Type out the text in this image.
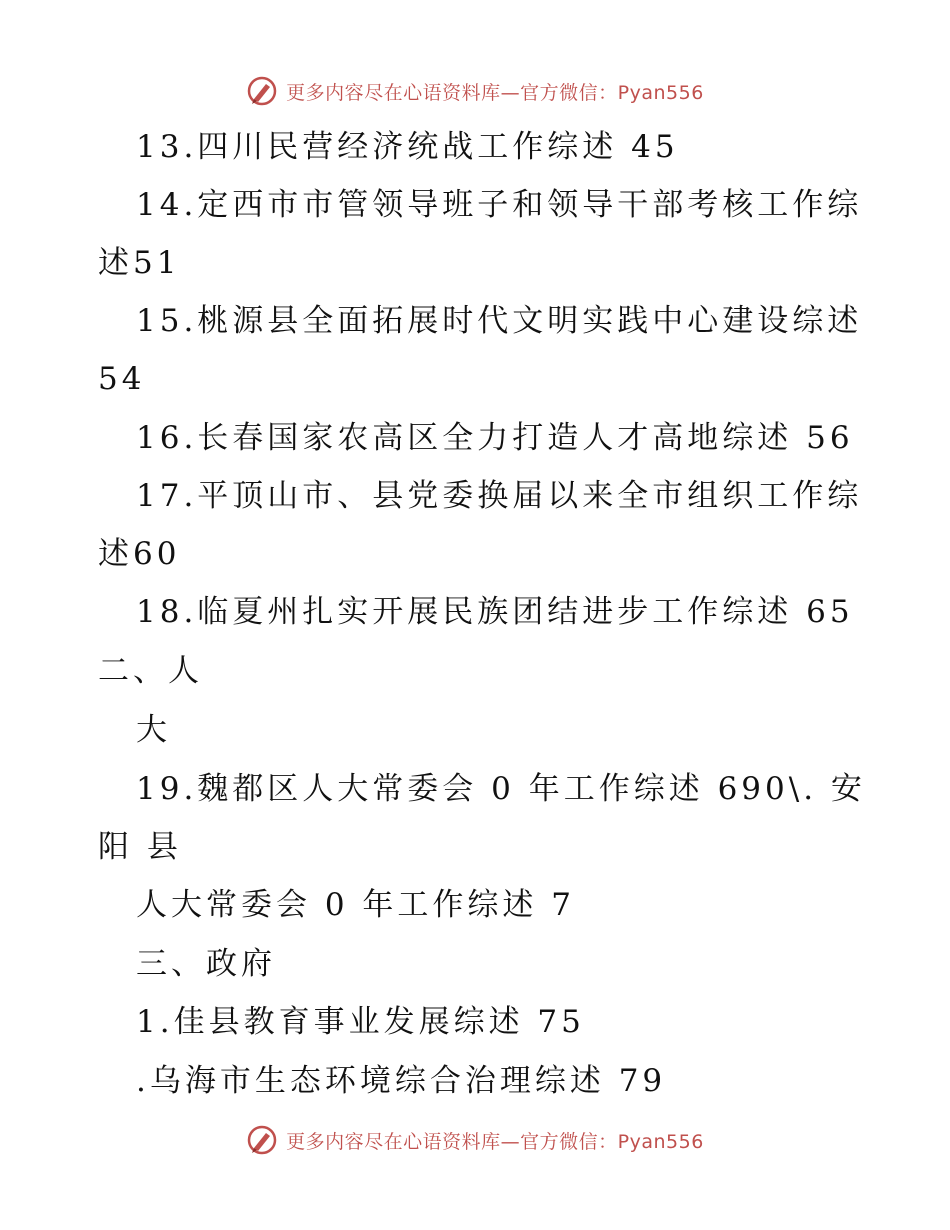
更多内容尽在心语资料库—官方微信：Pyan556
13.四川民营经济统战工作综述 45
14.定西市市管领导班子和领导干部考核工作综
述51
15.桃源县全面拓展时代文明实践中心建设综述
54
16.长春国家农高区全力打造人才高地综述 56
17.平顶山市、县党委换届以来全市组织工作综
述60
18.临夏州扎实开展民族团结进步工作综述 65
二、人
大
19.魏都区人大常委会 0 年工作综述 690\. 安
阳 县
人大常委会 0 年工作综述 7
三、政府
1.佳县教育事业发展综述 75
.乌海市生态环境综合治理综述 79
更多内容尽在心语资料库—官方微信：Pyan556
